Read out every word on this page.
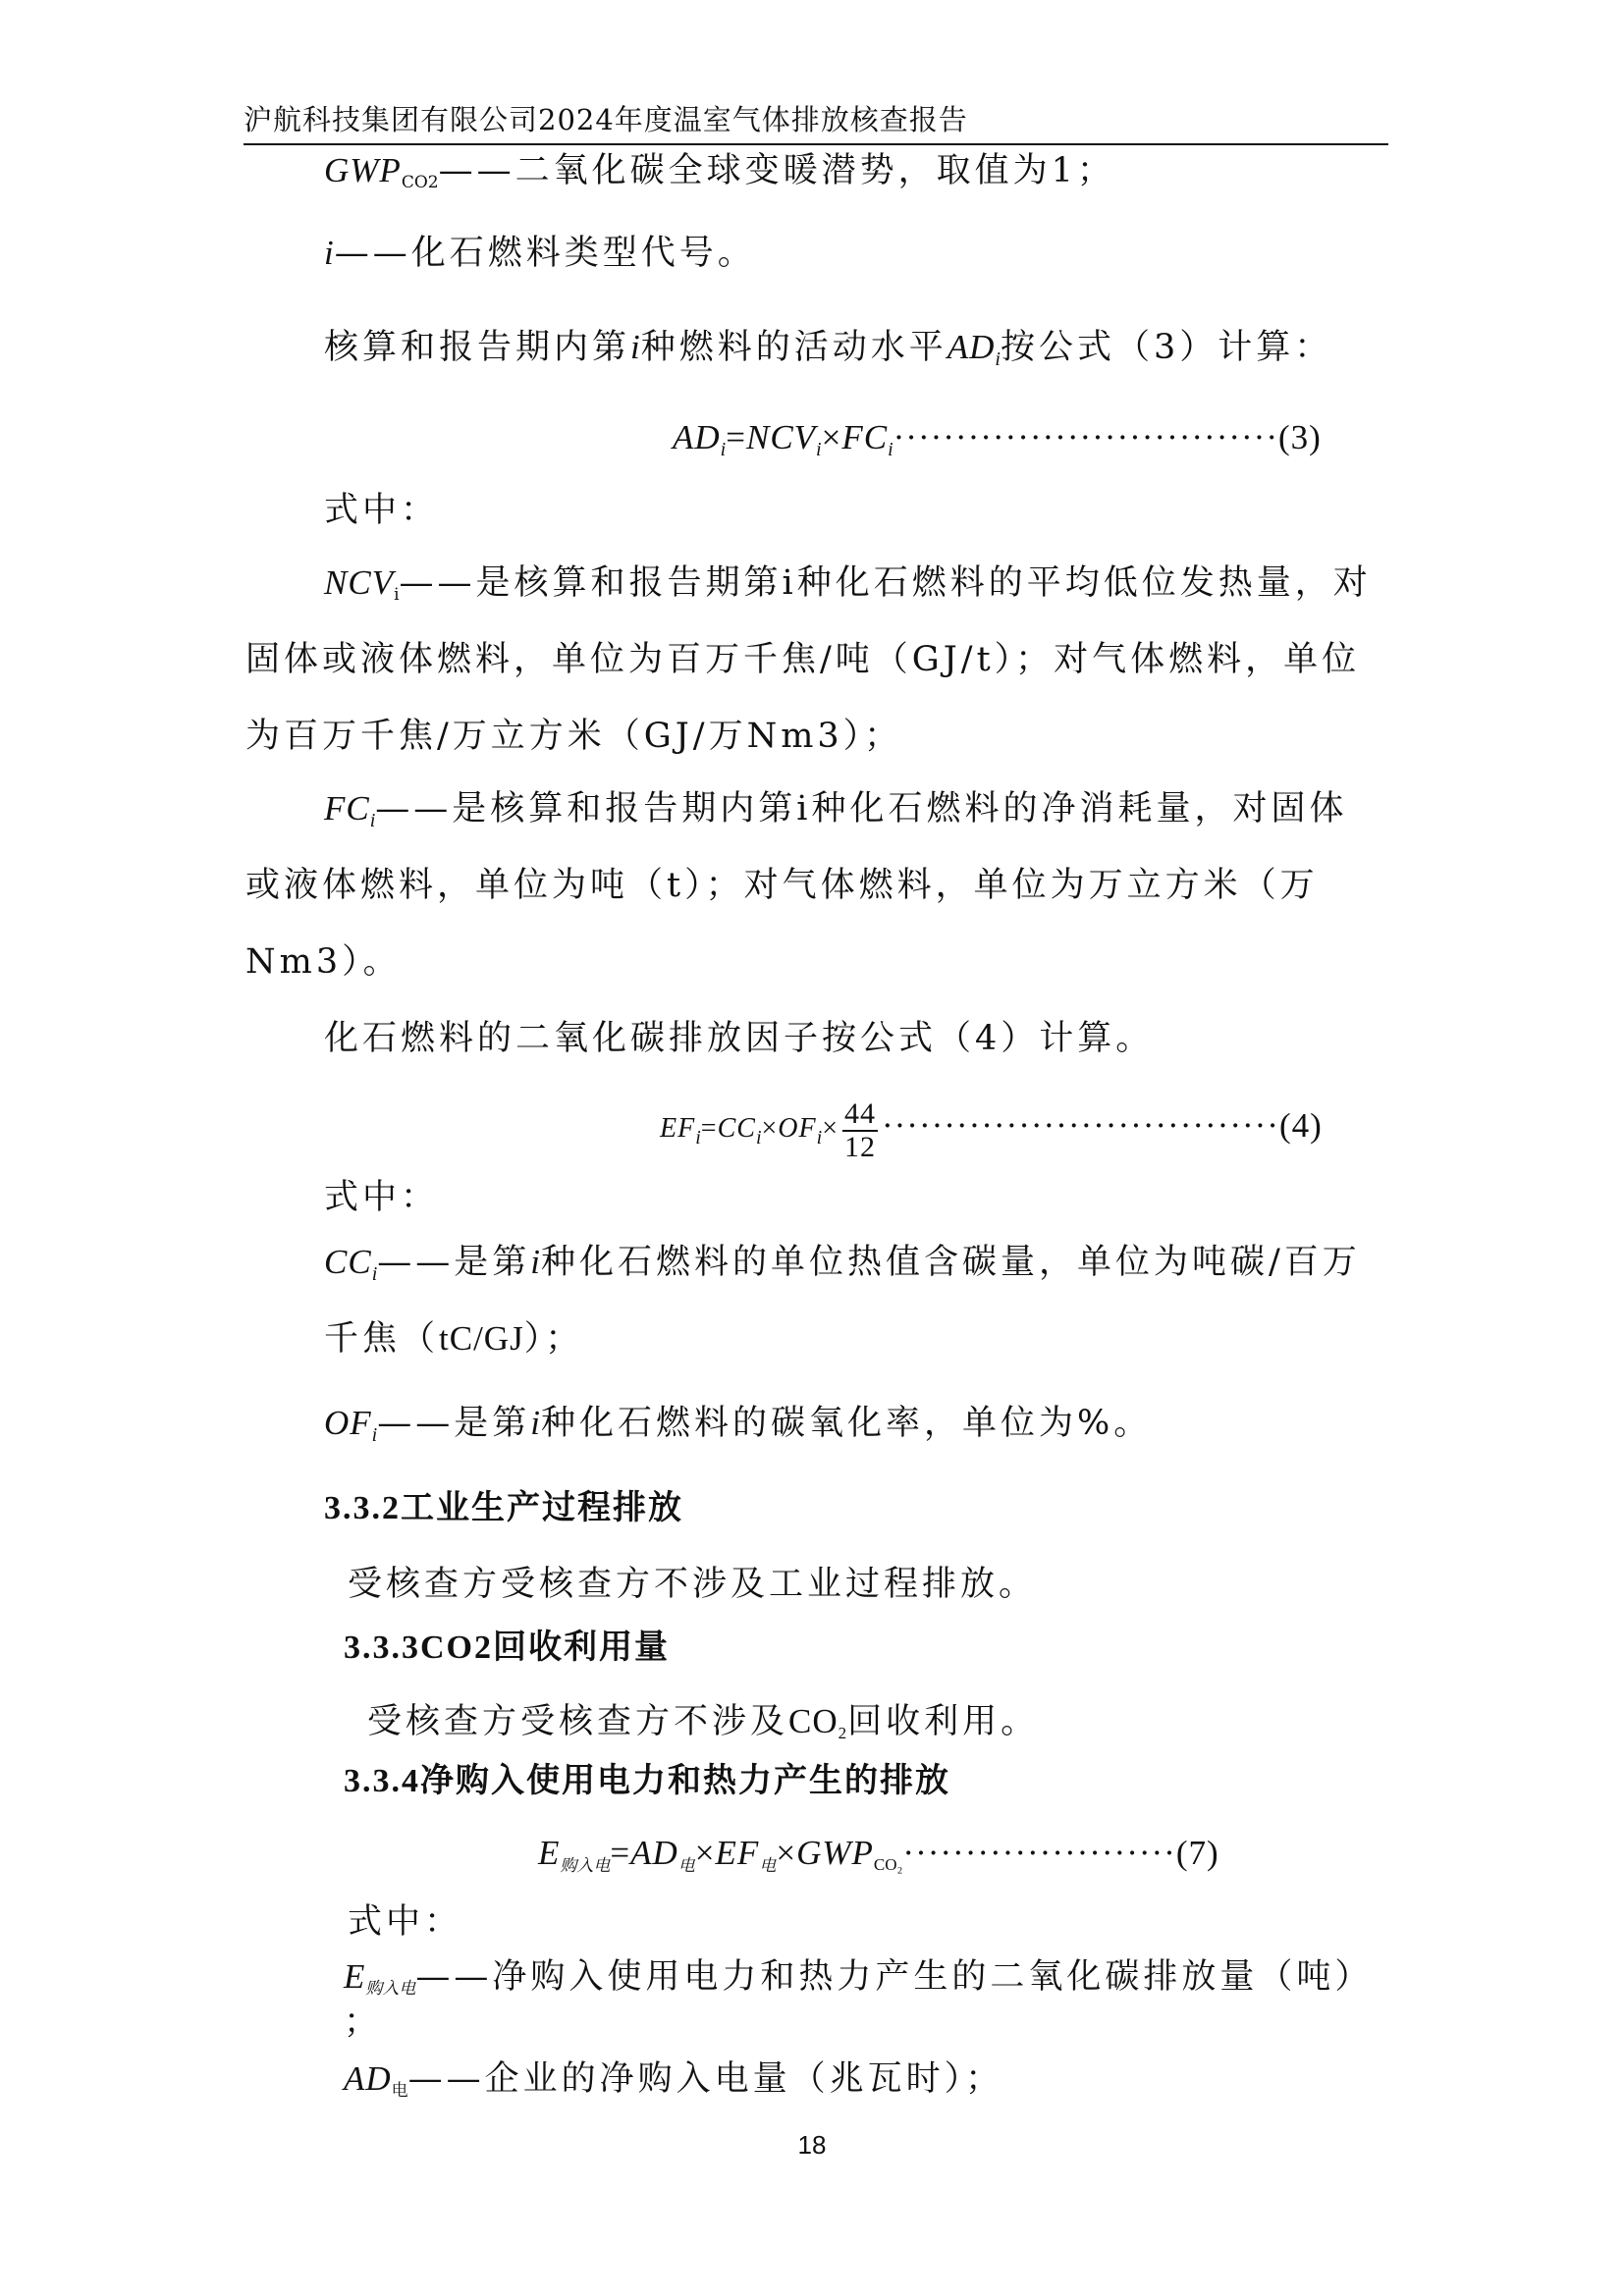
沪航科技集团有限公司2024年度温室气体排放核查报告
$GWP_{CO2}——$二氧化碳全球变暖潜势，取值为1；
i——化石燃料类型代号。
核算和报告期内第i种燃料的活动水平$AD_i$按公式（3）计算：
$AD_i=NCV_i\times FC_i\cdot\cdot\cdot\cdot\cdot\cdot\cdot\cdot\cdot\cdot\cdot\cdot\cdot\cdot\cdot\cdot\cdot\cdot\cdot\cdot\cdot\cdot\cdot\cdot\cdot\cdot\cdot\cdot\cdot\cdot\cdot(3)$
式中：
$NCV_i——$是核算和报告期第i种化石燃料的平均低位发热量，对
固体或液体燃料，单位为百万千焦/吨（GJ/t）；对气体燃料，单位
为百万千焦/万立方米（GJ/万Nm3）；
$FC_i——$是核算和报告期内第i种化石燃料的净消耗量，对固体
或液体燃料，单位为吨（t）；对气体燃料，单位为万立方米（万
Nm3）。
化石燃料的二氧化碳排放因子按公式（4）计算。
$EF_i=CC_i\times OF_i\times \frac{44}{12} \cdot\cdot\cdot\cdot\cdot\cdot\cdot\cdot\cdot\cdot\cdot\cdot\cdot\cdot\cdot\cdot\cdot\cdot\cdot\cdot\cdot\cdot\cdot\cdot\cdot\cdot\cdot\cdot\cdot\cdot\cdot\cdot(4)$
式中：
$CC_i——$是第i种化石燃料的单位热值含碳量，单位为吨碳/百万
千焦（tC/GJ）；
$OF_i——$是第i种化石燃料的碳氧化率，单位为%。
3.3.2工业生产过程排放
受核查方受核查方不涉及工业过程排放。
3.3.3CO2回收利用量
受核查方受核查方不涉及$CO_2$回收利用。
3.3.4净购入使用电力和热力产生的排放
$E_{购入电}=AD_电\times EF_电\times GWP_{CO_2}\cdot\cdot\cdot\cdot\cdot\cdot\cdot\cdot\cdot\cdot\cdot\cdot\cdot\cdot\cdot\cdot\cdot\cdot\cdot\cdot\cdot\cdot(7)$
式中：
$E_{购入电}——$净购入使用电力和热力产生的二氧化碳排放量（吨）
；
$AD_电——$企业的净购入电量（兆瓦时）；
18
